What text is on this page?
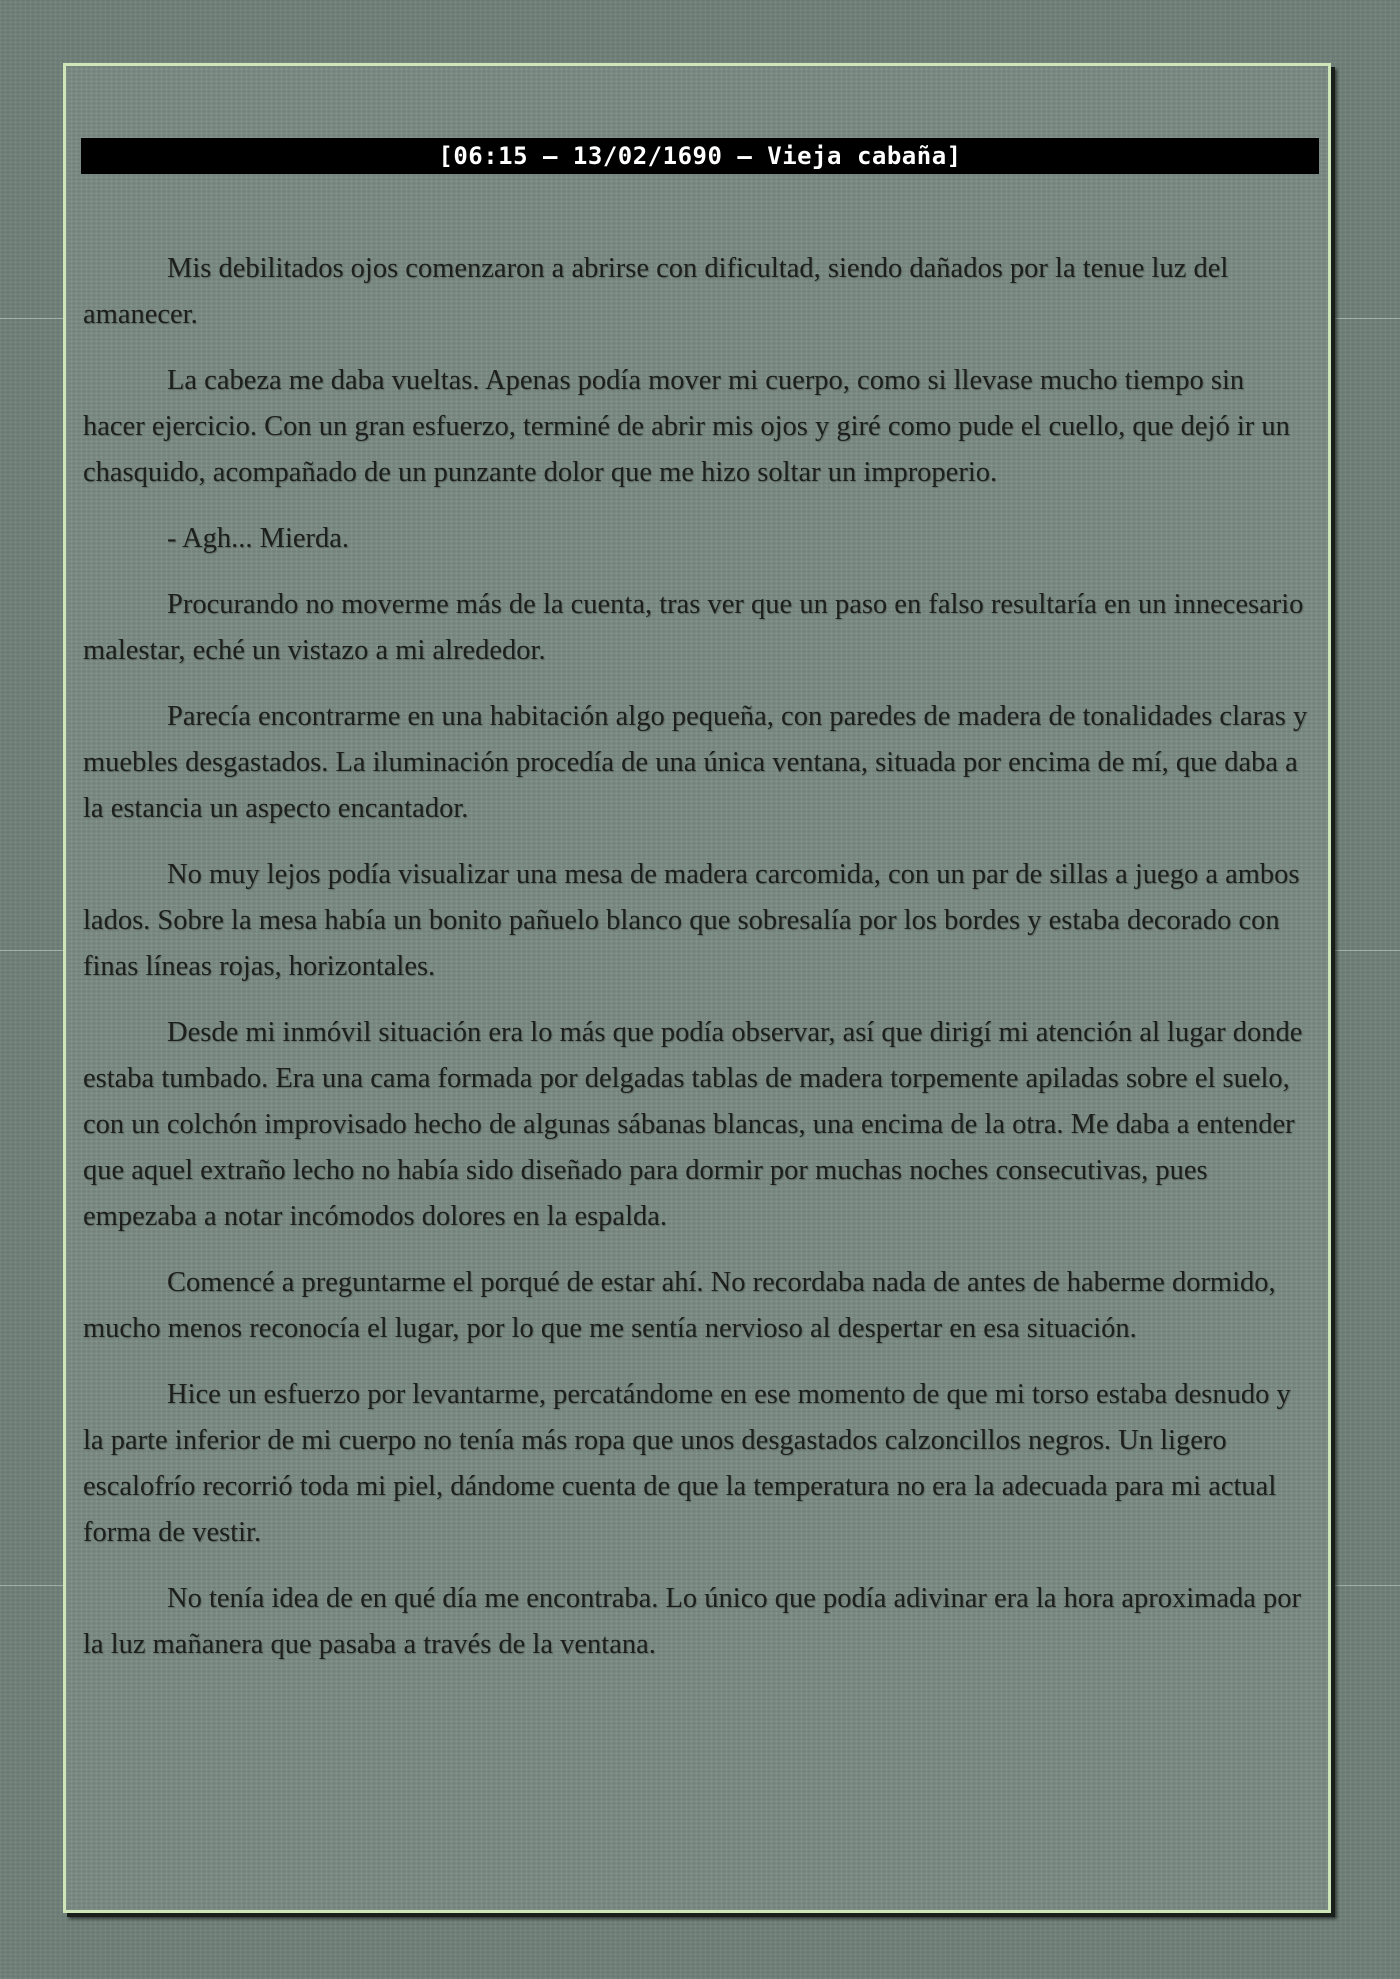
[06:15 – 13/02/1690 – Vieja cabaña]

Mis debilitados ojos comenzaron a abrirse con dificultad, siendo dañados por la tenue luz del amanecer.

La cabeza me daba vueltas. Apenas podía mover mi cuerpo, como si llevase mucho tiempo sin hacer ejercicio. Con un gran esfuerzo, terminé de abrir mis ojos y giré como pude el cuello, que dejó ir un chasquido, acompañado de un punzante dolor que me hizo soltar un improperio.

- Agh... Mierda.

Procurando no moverme más de la cuenta, tras ver que un paso en falso resultaría en un innecesario malestar, eché un vistazo a mi alrededor.

Parecía encontrarme en una habitación algo pequeña, con paredes de madera de tonalidades claras y muebles desgastados. La iluminación procedía de una única ventana, situada por encima de mí, que daba a la estancia un aspecto encantador.

No muy lejos podía visualizar una mesa de madera carcomida, con un par de sillas a juego a ambos lados. Sobre la mesa había un bonito pañuelo blanco que sobresalía por los bordes y estaba decorado con finas líneas rojas, horizontales.

Desde mi inmóvil situación era lo más que podía observar, así que dirigí mi atención al lugar donde estaba tumbado. Era una cama formada por delgadas tablas de madera torpemente apiladas sobre el suelo, con un colchón improvisado hecho de algunas sábanas blancas, una encima de la otra. Me daba a entender que aquel extraño lecho no había sido diseñado para dormir por muchas noches consecutivas, pues empezaba a notar incómodos dolores en la espalda.

Comencé a preguntarme el porqué de estar ahí. No recordaba nada de antes de haberme dormido, mucho menos reconocía el lugar, por lo que me sentía nervioso al despertar en esa situación.

Hice un esfuerzo por levantarme, percatándome en ese momento de que mi torso estaba desnudo y la parte inferior de mi cuerpo no tenía más ropa que unos desgastados calzoncillos negros. Un ligero escalofrío recorrió toda mi piel, dándome cuenta de que la temperatura no era la adecuada para mi actual forma de vestir.

No tenía idea de en qué día me encontraba. Lo único que podía adivinar era la hora aproximada por la luz mañanera que pasaba a través de la ventana.
